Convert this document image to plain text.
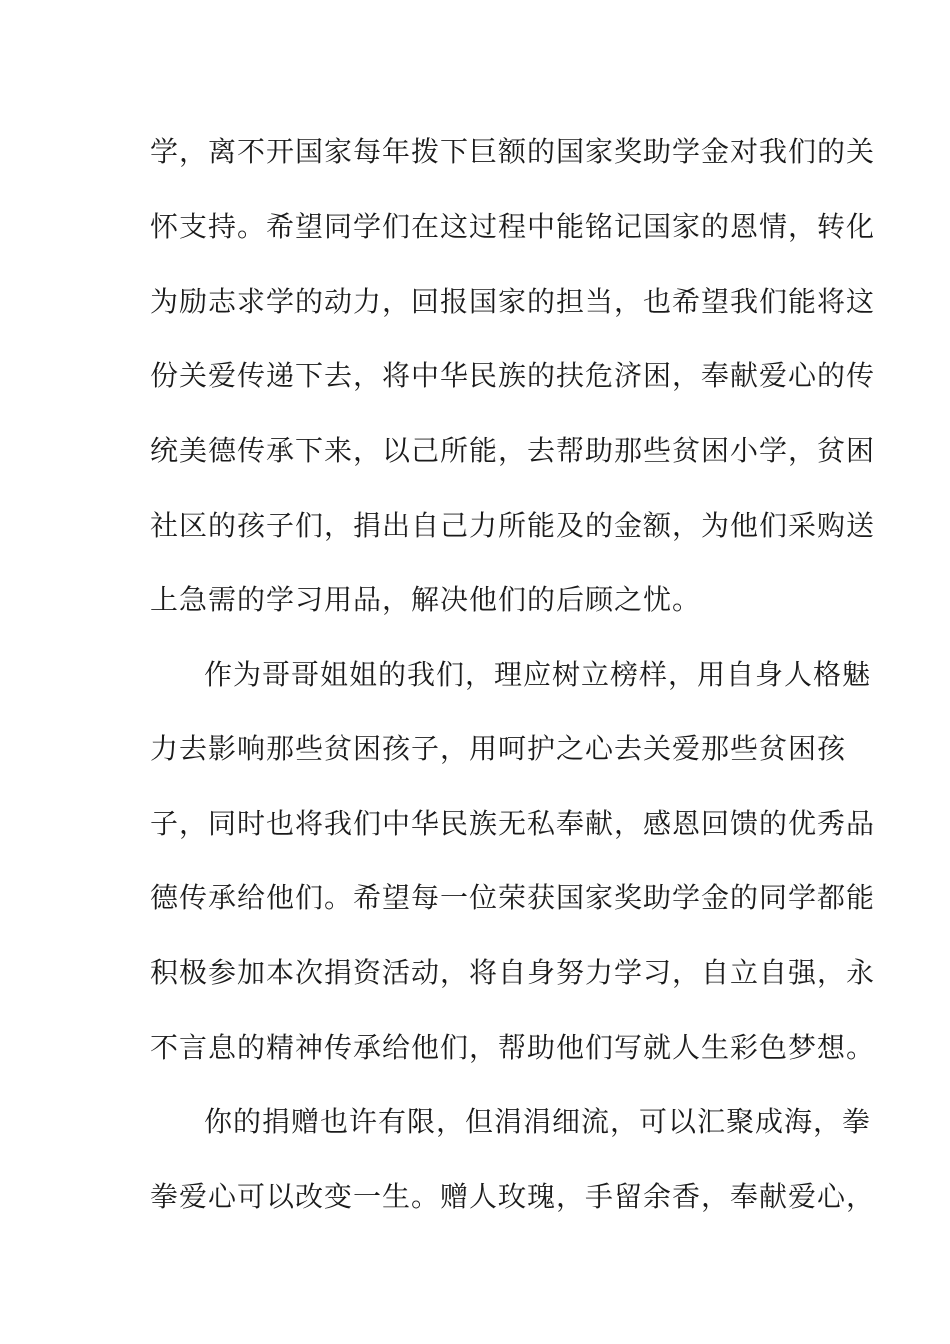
学，离不开国家每年拨下巨额的国家奖助学金对我们的关
怀支持。希望同学们在这过程中能铭记国家的恩情，转化
为励志求学的动力，回报国家的担当，也希望我们能将这
份关爱传递下去，将中华民族的扶危济困，奉献爱心的传
统美德传承下来，以己所能，去帮助那些贫困小学，贫困
社区的孩子们，捐出自己力所能及的金额，为他们采购送
上急需的学习用品，解决他们的后顾之忧。
作为哥哥姐姐的我们，理应树立榜样，用自身人格魅
力去影响那些贫困孩子，用呵护之心去关爱那些贫困孩
子，同时也将我们中华民族无私奉献，感恩回馈的优秀品
德传承给他们。希望每一位荣获国家奖助学金的同学都能
积极参加本次捐资活动，将自身努力学习，自立自强，永
不言息的精神传承给他们，帮助他们写就人生彩色梦想。
你的捐赠也许有限，但涓涓细流，可以汇聚成海，拳
拳爱心可以改变一生。赠人玫瑰，手留余香，奉献爱心，
